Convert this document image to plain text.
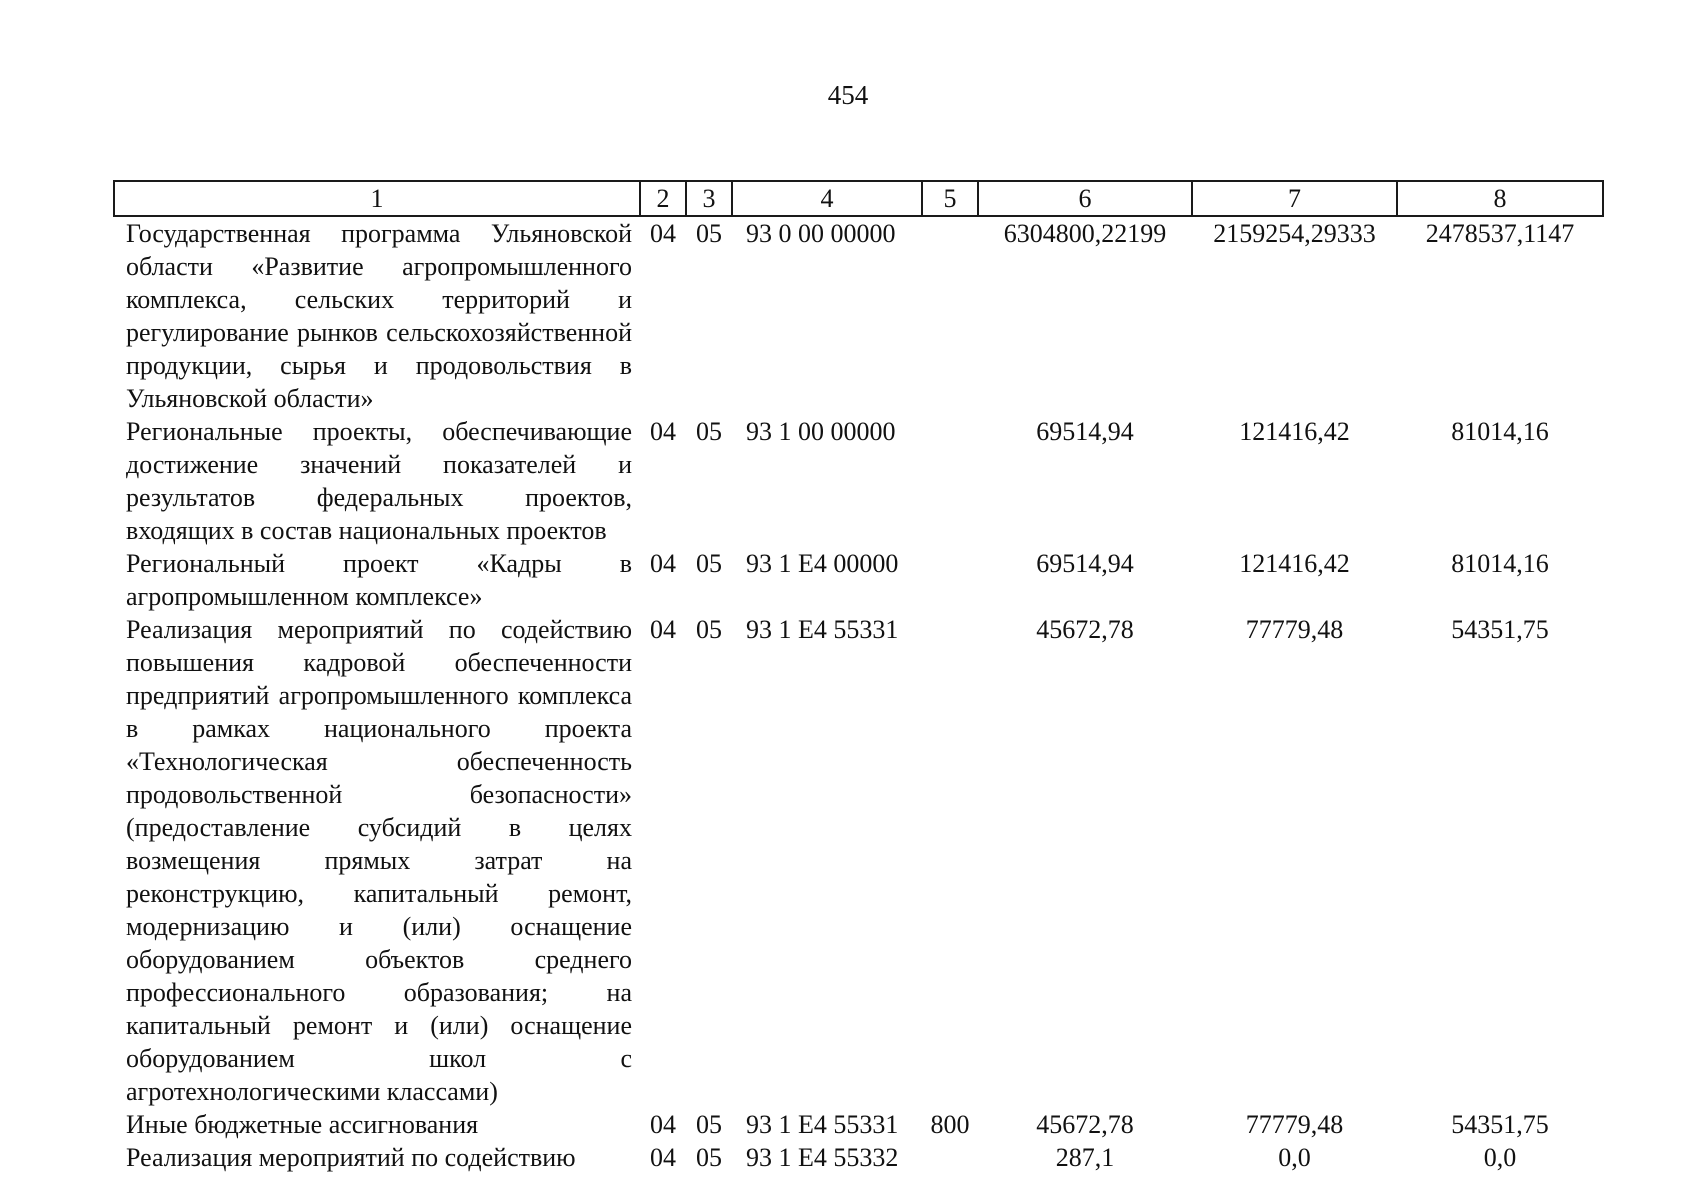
454
1	2	3	4	5	6	7	8
Государственная программа Ульяновской области «Развитие агропромышленного комплекса, сельских территорий и регулирование рынков сельскохозяйственной продукции, сырья и продовольствия в Ульяновской области»	04	05	93 0 00 00000		6304800,22199	2159254,29333	2478537,1147
Региональные проекты, обеспечивающие достижение значений показателей и результатов федеральных проектов, входящих в состав национальных проектов	04	05	93 1 00 00000		69514,94	121416,42	81014,16
Региональный проект «Кадры в агропромышленном комплексе»	04	05	93 1 Е4 00000		69514,94	121416,42	81014,16
Реализация мероприятий по содействию повышения кадровой обеспеченности предприятий агропромышленного комплекса в рамках национального проекта «Технологическая обеспеченность продовольственной безопасности» (предоставление субсидий в целях возмещения прямых затрат на реконструкцию, капитальный ремонт, модернизацию и (или) оснащение оборудованием объектов среднего профессионального образования; на капитальный ремонт и (или) оснащение оборудованием школ с агротехнологическими классами)	04	05	93 1 Е4 55331		45672,78	77779,48	54351,75
Иные бюджетные ассигнования	04	05	93 1 Е4 55331	800	45672,78	77779,48	54351,75
Реализация мероприятий по содействию	04	05	93 1 Е4 55332		287,1	0,0	0,0
